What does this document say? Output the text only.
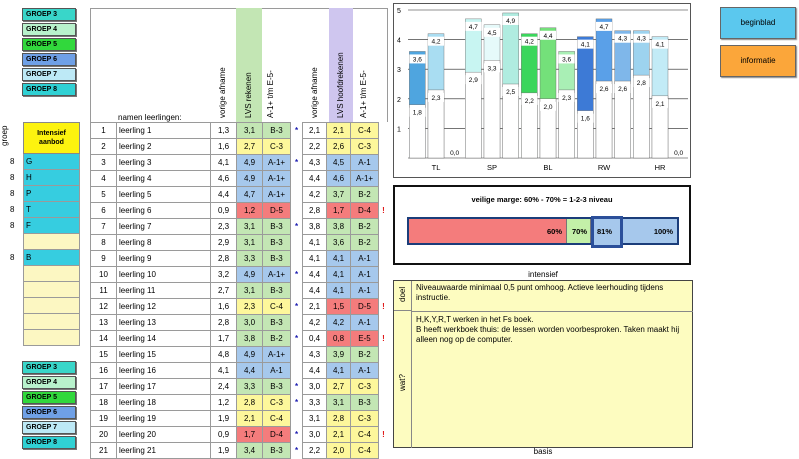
GROEP 3
GROEP 4
GROEP 5
GROEP 6
GROEP 7
GROEP 8
GROEP 3
GROEP 4
GROEP 5
GROEP 6
GROEP 7
GROEP 8
groep	Intensief aanbod
8	G
8	H
8	P
8	T
8	F
8	B
namen leerlingen:	vorige afname LVS rekenen A-1+ t/m E-5-	vorige afname LVS hoofdrekenen A-1+ t/m E-5-
1	leerling 1	1,3	3,1	B-3	*	2,1	2,1	C-4	
2	leerling 2	1,6	2,7	C-3		2,2	2,6	C-3	
3	leerling 3	4,1	4,9	A-1+	*	4,3	4,5	A-1	
4	leerling 4	4,6	4,9	A-1+		4,4	4,6	A-1+	
5	leerling 5	4,4	4,7	A-1+		4,2	3,7	B-2	
6	leerling 6	0,9	1,2	D-5		2,8	1,7	D-4	!
7	leerling 7	2,3	3,1	B-3	*	3,8	3,8	B-2	
8	leerling 8	2,9	3,1	B-3		4,1	3,6	B-2	
9	leerling 9	2,8	3,3	B-3		4,1	4,1	A-1	
10	leerling 10	3,2	4,9	A-1+	*	4,4	4,1	A-1	
11	leerling 11	2,7	3,1	B-3		4,4	4,1	A-1	
12	leerling 12	1,6	2,3	C-4	*	2,1	1,5	D-5	!
13	leerling 13	2,8	3,0	B-3		4,2	4,2	A-1	
14	leerling 14	1,7	3,8	B-2	*	0,4	0,8	E-5	!
15	leerling 15	4,8	4,9	A-1+		4,3	3,9	B-2	
16	leerling 16	4,1	4,4	A-1		4,4	4,1	A-1	
17	leerling 17	2,4	3,3	B-3	*	3,0	2,7	C-3	
18	leerling 18	1,2	2,8	C-3	*	3,3	3,1	B-3	
19	leerling 19	1,9	2,1	C-4		3,1	2,8	C-3	
20	leerling 20	0,9	1,7	D-4	*	3,0	2,1	C-4	!
21	leerling 21	1,9	3,4	B-3	*	2,2	2,0	C-4	
1
2
3
4
5
3,6
1,8
4,2
2,3
0,0
4,7
2,9
4,5
3,3
4,9
2,5
4,2
2,2
4,4
2,0
3,6
2,3
4,1
1,6
4,7
2,6
4,3
2,6
4,3
2,8
4,1
2,1
0,0
TL	SP	BL	RW	HR
veilige marge: 60% - 70% = 1-2-3 niveau
60% 70% 81%	100%
beginblad
informatie
intensief
doel Niveauwaarde minimaal 0,5 punt omhoog. Actieve leerhouding tijdens
instructie.
wat?
H,K,Y,R,T werken in het Fs boek.
B heeft werkboek thuis: de lessen worden voorbesproken. Taken maakt hij
alleen nog op de computer.
basis
